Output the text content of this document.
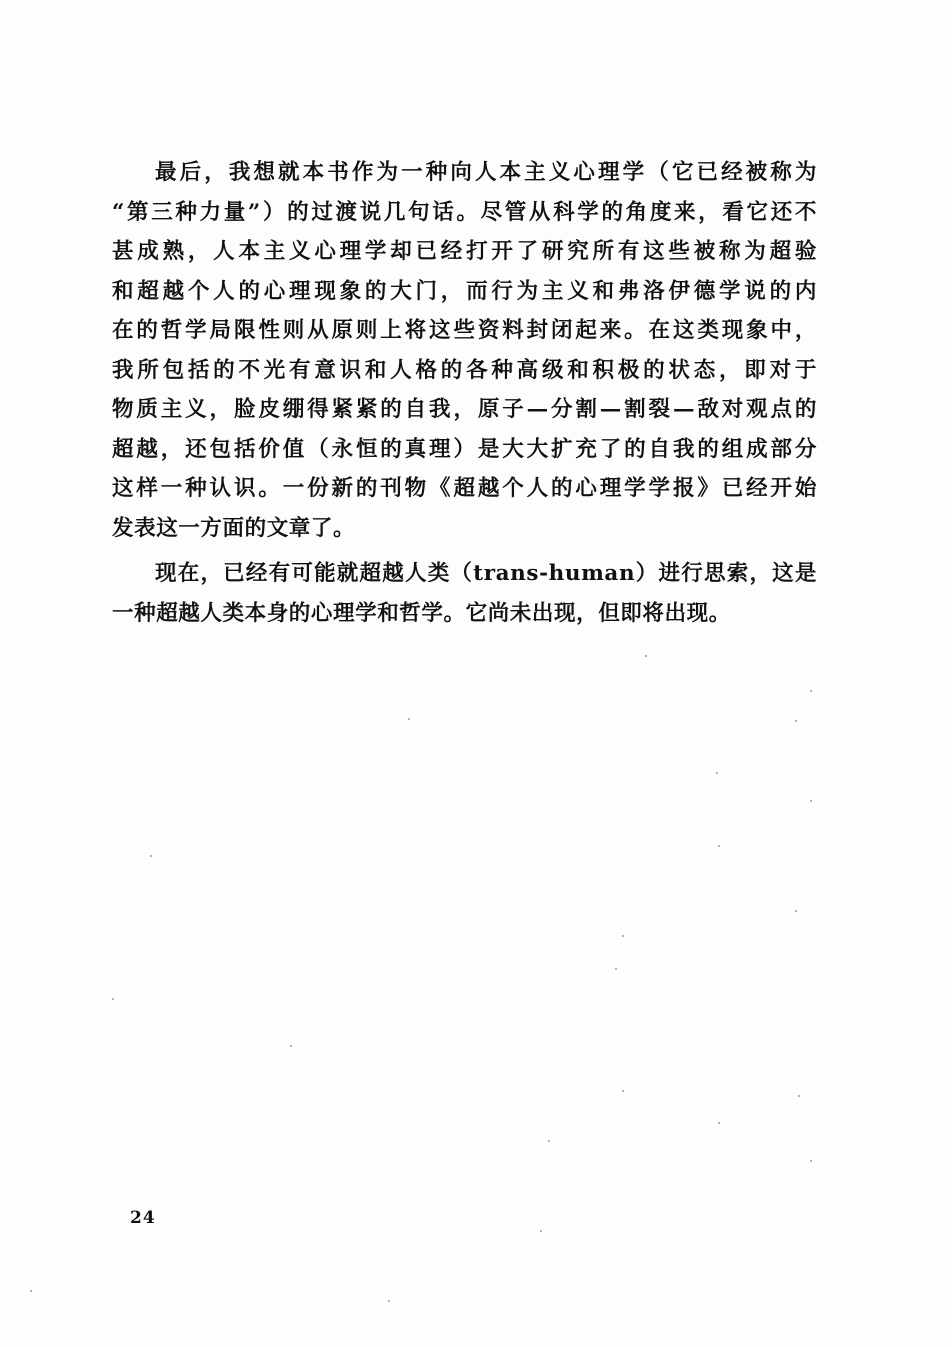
最后，我想就本书作为一种向人本主义心理学（它已经被称为
“第三种力量”）的过渡说几句话。尽管从科学的角度来，看它还不
甚成熟，人本主义心理学却已经打开了研究所有这些被称为超验
和超越个人的心理现象的大门，而行为主义和弗洛伊德学说的内
在的哲学局限性则从原则上将这些资料封闭起来。在这类现象中，
我所包括的不光有意识和人格的各种高级和积极的状态，即对于
物质主义，脸皮绷得紧紧的自我，原子—分割—割裂—敌对观点的
超越，还包括价值（永恒的真理）是大大扩充了的自我的组成部分
这样一种认识。一份新的刊物《超越个人的心理学学报》已经开始
发表这一方面的文章了。

现在，已经有可能就超越人类（trans-human）进行思索，这是
一种超越人类本身的心理学和哲学。它尚未出现，但即将出现。

24
